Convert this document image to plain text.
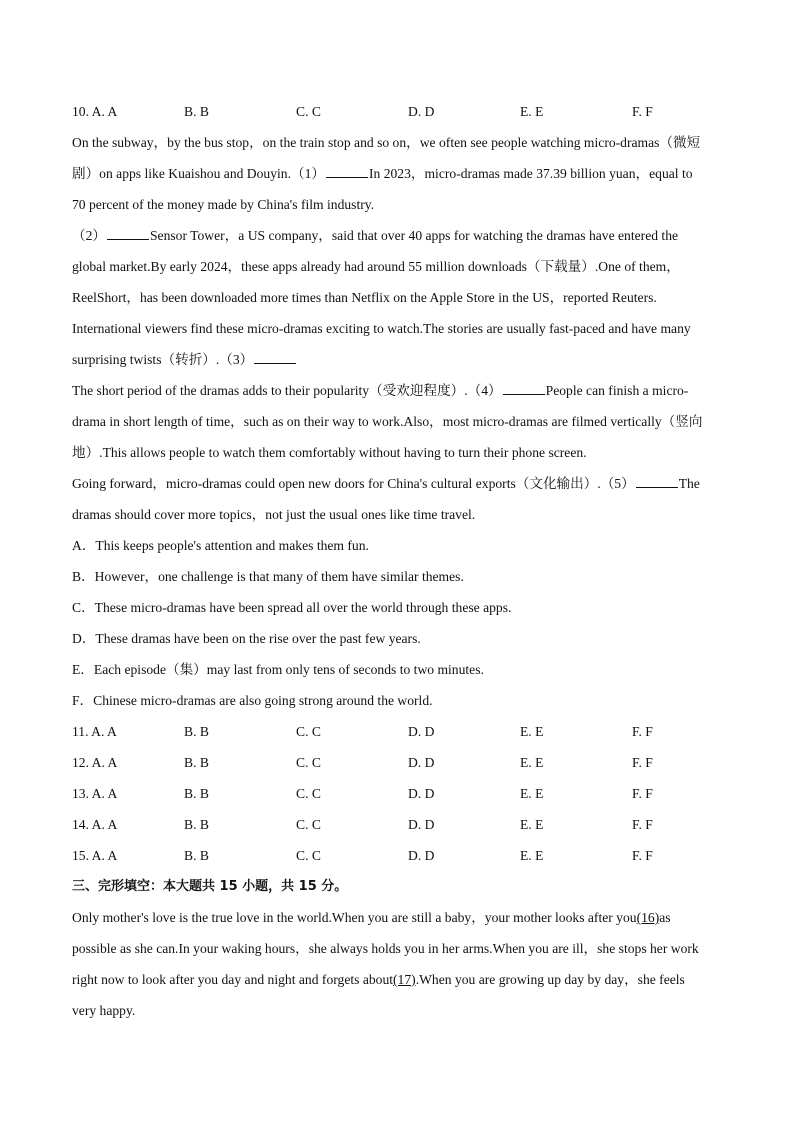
10. A. A	B. B	C. C	D. D	E. E	F. F
On the subway，by the bus stop，on the train stop and so on，we often see people watching micro-dramas（微短
剧）on apps like Kuaishou and Douyin.（1）	In 2023，micro-dramas made 37.39 billion yuan，equal to
70 percent of the money made by China's film industry.
（2）	Sensor Tower，a US company，said that over 40 apps for watching the dramas have entered the
global market.By early 2024，these apps already had around 55 million downloads（下载量）.One of them，
ReelShort，has been downloaded more times than Netflix on the Apple Store in the US，reported Reuters.
International viewers find these micro-dramas exciting to watch.The stories are usually fast-paced and have many
surprising twists（转折）.（3）
The short period of the dramas adds to their popularity（受欢迎程度）.（4）	People can finish a micro-
drama in short length of time，such as on their way to work.Also，most micro-dramas are filmed vertically（竖向
地）.This allows people to watch them comfortably without having to turn their phone screen.
Going forward，micro-dramas could open new doors for China's cultural exports（文化输出）.（5）	The
dramas should cover more topics，not just the usual ones like time travel.
A．This keeps people's attention and makes them fun.
B．However，one challenge is that many of them have similar themes.
C．These micro-dramas have been spread all over the world through these apps.
D．These dramas have been on the rise over the past few years.
E．Each episode（集）may last from only tens of seconds to two minutes.
F．Chinese micro-dramas are also going strong around the world.
11. A. A	B. B	C. C	D. D	E. E	F. F
12. A. A	B. B	C. C	D. D	E. E	F. F
13. A. A	B. B	C. C	D. D	E. E	F. F
14. A. A	B. B	C. C	D. D	E. E	F. F
15. A. A	B. B	C. C	D. D	E. E	F. F
三、完形填空：本大题共 15 小题，共 15 分。
Only mother's love is the true love in the world.When you are still a baby，your mother looks after you(16)as
possible as she can.In your waking hours，she always holds you in her arms.When you are ill，she stops her work
right now to look after you day and night and forgets about(17).When you are growing up day by day，she feels
very happy.
